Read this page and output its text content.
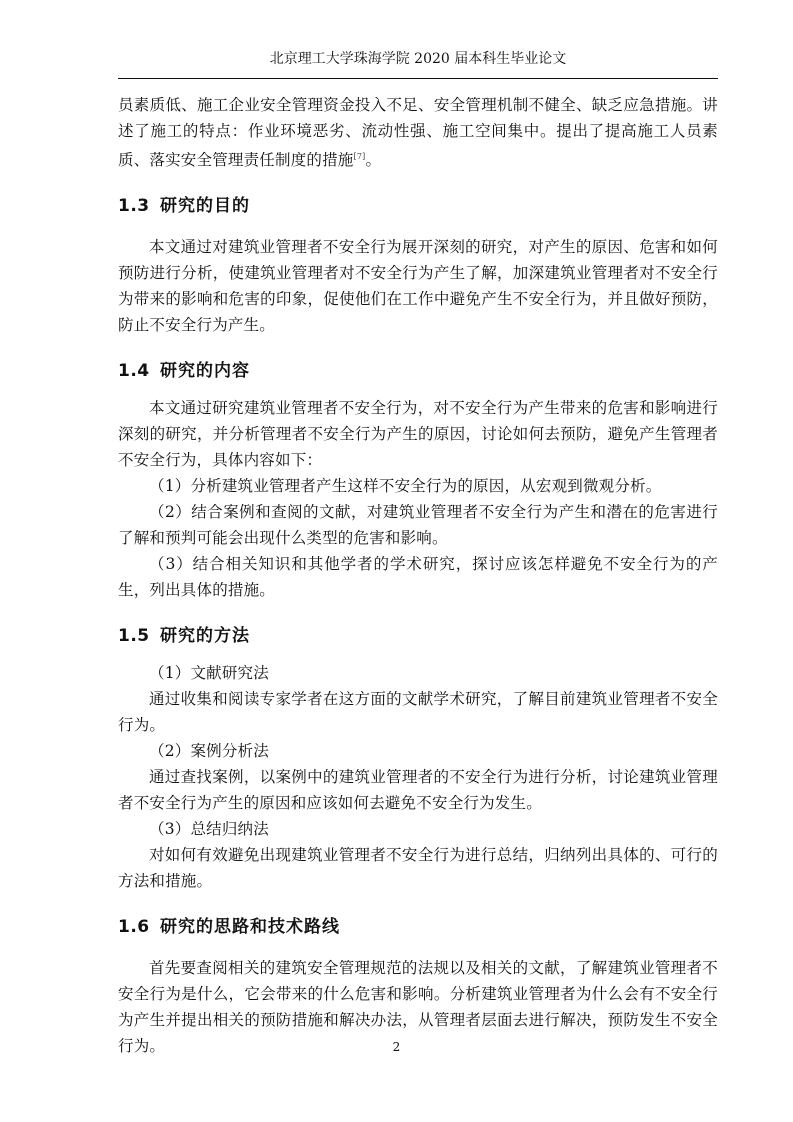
北京理工大学珠海学院 2020 届本科生毕业论文

员素质低、施工企业安全管理资金投入不足、安全管理机制不健全、缺乏应急措施。讲述了施工的特点：作业环境恶劣、流动性强、施工空间集中。提出了提高施工人员素质、落实安全管理责任制度的措施[7]。

1.3 研究的目的

本文通过对建筑业管理者不安全行为展开深刻的研究，对产生的原因、危害和如何预防进行分析，使建筑业管理者对不安全行为产生了解，加深建筑业管理者对不安全行为带来的影响和危害的印象，促使他们在工作中避免产生不安全行为，并且做好预防，防止不安全行为产生。

1.4 研究的内容

本文通过研究建筑业管理者不安全行为，对不安全行为产生带来的危害和影响进行深刻的研究，并分析管理者不安全行为产生的原因，讨论如何去预防，避免产生管理者不安全行为，具体内容如下：

（1）分析建筑业管理者产生这样不安全行为的原因，从宏观到微观分析。

（2）结合案例和查阅的文献，对建筑业管理者不安全行为产生和潜在的危害进行了解和预判可能会出现什么类型的危害和影响。

（3）结合相关知识和其他学者的学术研究，探讨应该怎样避免不安全行为的产生，列出具体的措施。

1.5 研究的方法

（1）文献研究法

通过收集和阅读专家学者在这方面的文献学术研究，了解目前建筑业管理者不安全行为。

（2）案例分析法

通过查找案例，以案例中的建筑业管理者的不安全行为进行分析，讨论建筑业管理者不安全行为产生的原因和应该如何去避免不安全行为发生。

（3）总结归纳法

对如何有效避免出现建筑业管理者不安全行为进行总结，归纳列出具体的、可行的方法和措施。

1.6 研究的思路和技术路线

首先要查阅相关的建筑安全管理规范的法规以及相关的文献，了解建筑业管理者不安全行为是什么，它会带来的什么危害和影响。分析建筑业管理者为什么会有不安全行为产生并提出相关的预防措施和解决办法，从管理者层面去进行解决，预防发生不安全行为。	2
